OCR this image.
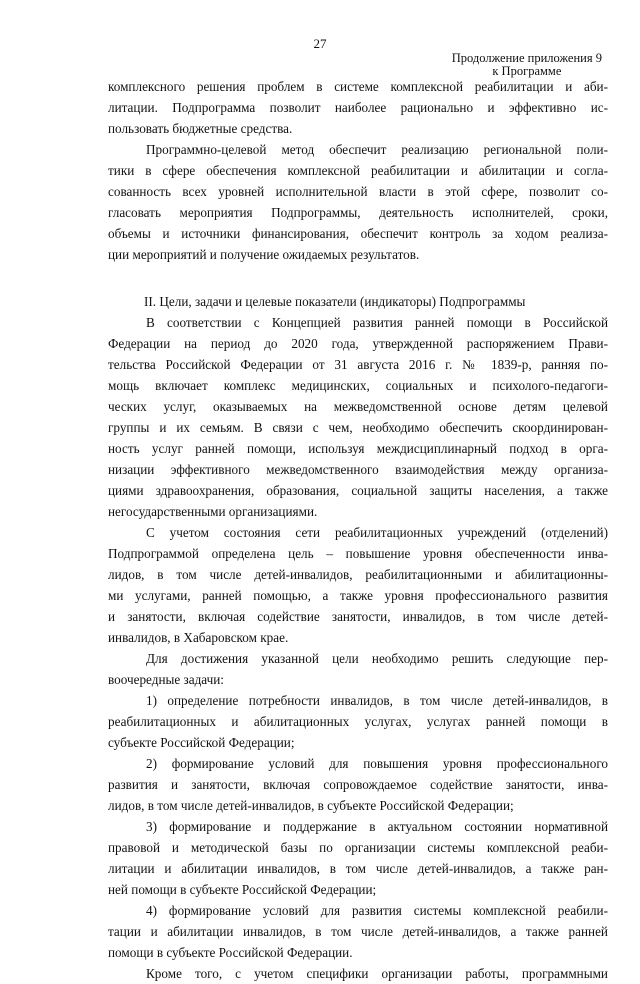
27
Продолжение приложения 9
к Программе
комплексного решения проблем в системе комплексной реабилитации и аби-
литации. Подпрограмма позволит наиболее рационально и эффективно ис-
пользовать бюджетные средства.
Программно-целевой метод обеспечит реализацию региональной поли-
тики в сфере обеспечения комплексной реабилитации и абилитации и согла-
сованность всех уровней исполнительной власти в этой сфере, позволит со-
гласовать мероприятия Подпрограммы, деятельность исполнителей, сроки,
объемы и источники финансирования, обеспечит контроль за ходом реализа-
ции мероприятий и получение ожидаемых результатов.
II. Цели, задачи и целевые показатели (индикаторы) Подпрограммы
В соответствии с Концепцией развития ранней помощи в Российской
Федерации на период до 2020 года, утвержденной распоряжением Прави-
тельства Российской Федерации от 31 августа 2016 г. № 1839-р, ранняя по-
мощь включает комплекс медицинских, социальных и психолого-педагоги-
ческих услуг, оказываемых на межведомственной основе детям целевой
группы и их семьям. В связи с чем, необходимо обеспечить скоординирован-
ность услуг ранней помощи, используя междисциплинарный подход в орга-
низации эффективного межведомственного взаимодействия между организа-
циями здравоохранения, образования, социальной защиты населения, а также
негосударственными организациями.
С учетом состояния сети реабилитационных учреждений (отделений)
Подпрограммой определена цель – повышение уровня обеспеченности инва-
лидов, в том числе детей-инвалидов, реабилитационными и абилитационны-
ми услугами, ранней помощью, а также уровня профессионального развития
и занятости, включая содействие занятости, инвалидов, в том числе детей-
инвалидов, в Хабаровском крае.
Для достижения указанной цели необходимо решить следующие пер-
воочередные задачи:
1) определение потребности инвалидов, в том числе детей-инвалидов, в
реабилитационных и абилитационных услугах, услугах ранней помощи в
субъекте Российской Федерации;
2) формирование условий для повышения уровня профессионального
развития и занятости, включая сопровождаемое содействие занятости, инва-
лидов, в том числе детей-инвалидов, в субъекте Российской Федерации;
3) формирование и поддержание в актуальном состоянии нормативной
правовой и методической базы по организации системы комплексной реаби-
литации и абилитации инвалидов, в том числе детей-инвалидов, а также ран-
ней помощи в субъекте Российской Федерации;
4) формирование условий для развития системы комплексной реабили-
тации и абилитации инвалидов, в том числе детей-инвалидов, а также ранней
помощи в субъекте Российской Федерации.
Кроме того, с учетом специфики организации работы, программными
